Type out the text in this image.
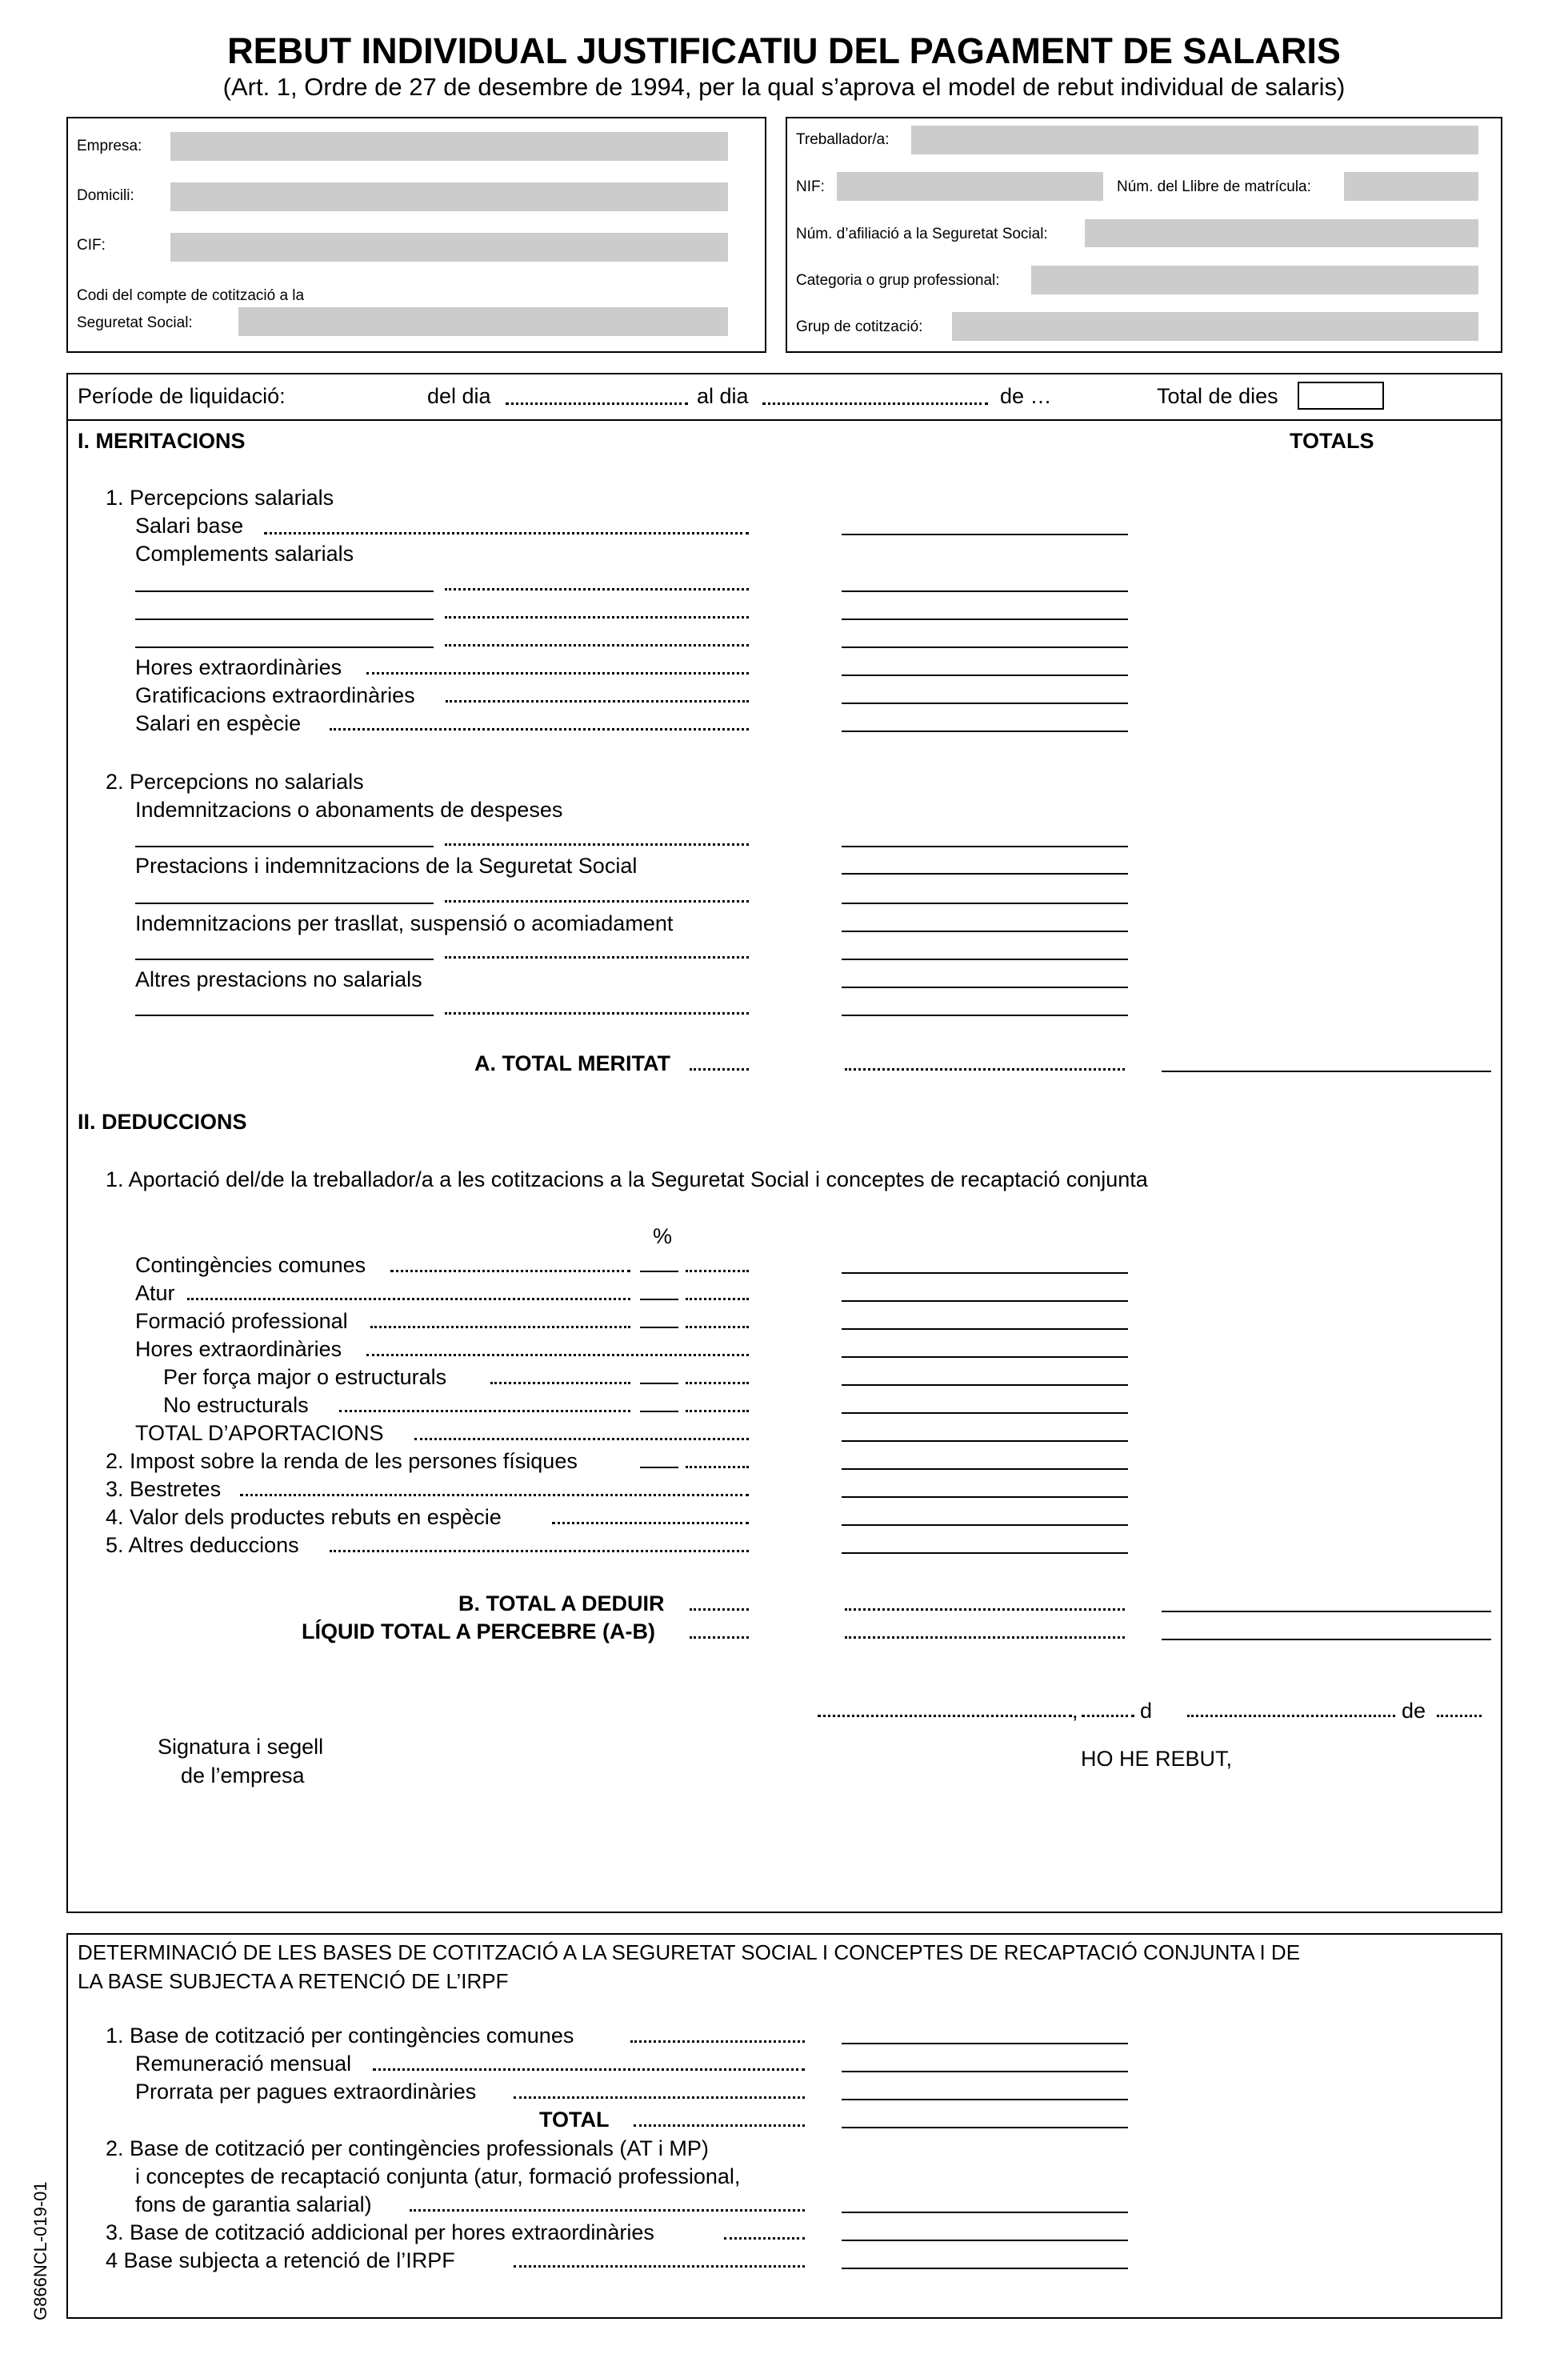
REBUT INDIVIDUAL JUSTIFICATIU DEL PAGAMENT DE SALARIS
(Art. 1, Ordre de 27 de desembre de 1994, per la qual s’aprova el model de rebut individual de salaris)
Empresa:
Domicili:
CIF:
Codi del compte de cotització a la
Seguretat Social:
Treballador/a:
NIF:	Núm. del Llibre de matrícula:
Núm. d’afiliació a la Seguretat Social:
Categoria o grup professional:
Grup de cotització:
Període de liquidació:	del dia	al dia	de …	Total de dies
I. MERITACIONS	TOTALS
1. Percepcions salarials
Salari base
Complements salarials
Hores extraordinàries
Gratificacions extraordinàries
Salari en espècie
2. Percepcions no salarials
Indemnitzacions o abonaments de despeses
Prestacions i indemnitzacions de la Seguretat Social
Indemnitzacions per trasllat, suspensió o acomiadament
Altres prestacions no salarials
A. TOTAL MERITAT
II. DEDUCCIONS
1. Aportació del/de la treballador/a a les cotitzacions a la Seguretat Social i conceptes de recaptació conjunta
%
Contingències comunes
Atur
Formació professional
Hores extraordinàries
Per força major o estructurals
No estructurals
TOTAL D’APORTACIONS
2. Impost sobre la renda de les persones físiques
3. Bestretes
4. Valor dels productes rebuts en espècie
5. Altres deduccions
B. TOTAL A DEDUIR
LÍQUID TOTAL A PERCEBRE (A-B)
,	d	de
HO HE REBUT,
Signatura i segell
de l’empresa
DETERMINACIÓ DE LES BASES DE COTITZACIÓ A LA SEGURETAT SOCIAL I CONCEPTES DE RECAPTACIÓ CONJUNTA I DE
LA BASE SUBJECTA A RETENCIÓ DE L’IRPF
1. Base de cotització per contingències comunes
Remuneració mensual
Prorrata per pagues extraordinàries
TOTAL
2. Base de cotització per contingències professionals (AT i MP)
i conceptes de recaptació conjunta (atur, formació professional,
fons de garantia salarial)
3. Base de cotització addicional per hores extraordinàries
4 Base subjecta a retenció de l’IRPF
G866NCL-019-01
